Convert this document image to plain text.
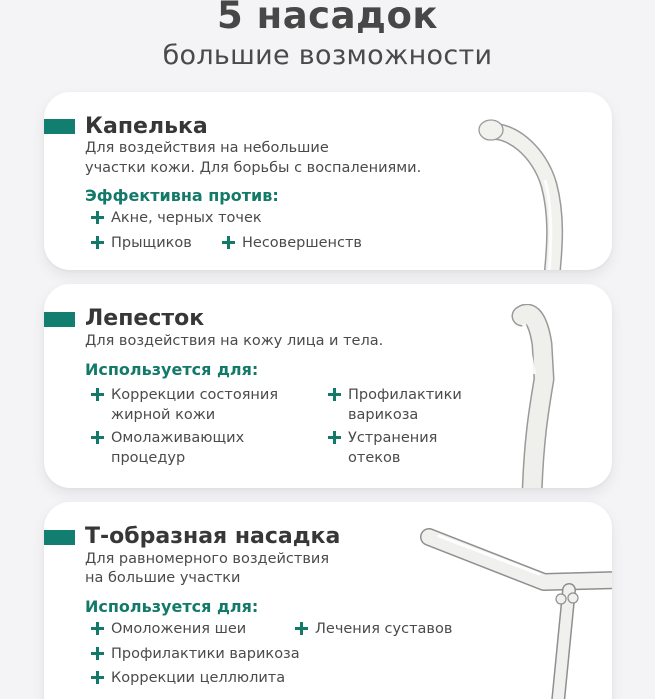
5 насадок
большие возможности
Капелька
Для воздействия на небольшие
участки кожи. Для борьбы с воспалениями.
Эффективна против:
Акне, черных точек
Прыщиков	Несовершенств
Лепесток
Для воздействия на кожу лица и тела.
Используется для:
Коррекции состояния
жирной кожи
Омолаживающих
процедур
Профилактики
варикоза
Устранения
отеков
Т-образная насадка
Для равномерного воздействия
на большие участки
Используется для:
Омоложения шеи	Лечения суставов
Профилактики варикоза
Коррекции целлюлита
